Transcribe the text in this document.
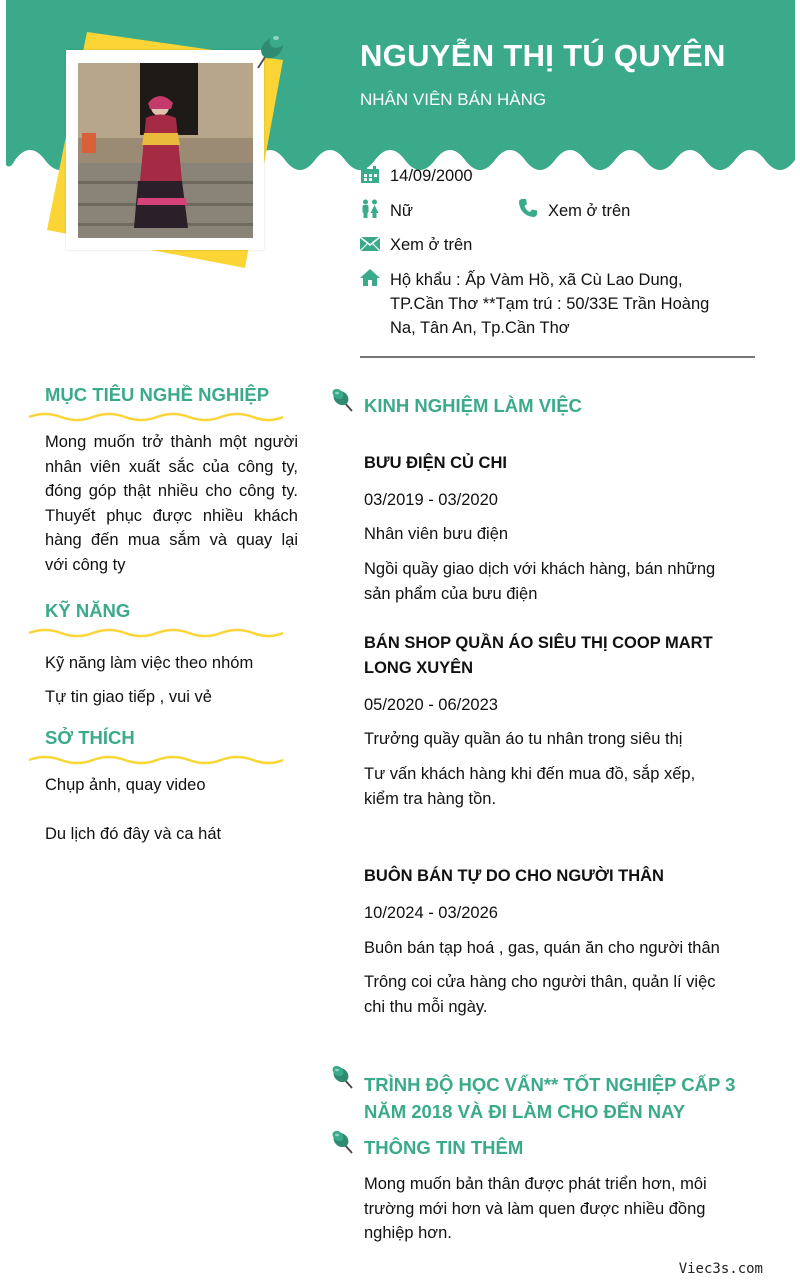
NGUYỄN THỊ TÚ QUYÊN
NHÂN VIÊN BÁN HÀNG
14/09/2000
Nữ	Xem ở trên
Xem ở trên
Hộ khẩu : Ấp Vàm Hồ, xã Cù Lao Dung,
TP.Cần Thơ **Tạm trú : 50/33E Trần Hoàng
Na, Tân An, Tp.Cần Thơ
MỤC TIÊU NGHỀ NGHIỆP
Mong muốn trở thành một người
nhân viên xuất sắc của công ty,
đóng góp thật nhiều cho công ty.
Thuyết phục được nhiều khách
hàng đến mua sắm và quay lại
với công ty
KỸ NĂNG
Kỹ năng làm việc theo nhóm
Tự tin giao tiếp , vui vẻ
SỞ THÍCH
Chụp ảnh, quay video
Du lịch đó đây và ca hát
KINH NGHIỆM LÀM VIỆC
BƯU ĐIỆN CỦ CHI
03/2019 - 03/2020
Nhân viên bưu điện
Ngồi quầy giao dịch với khách hàng, bán những
sản phẩm của bưu điện
BÁN SHOP QUẦN ÁO SIÊU THỊ COOP MART
LONG XUYÊN
05/2020 - 06/2023
Trưởng quầy quần áo tu nhân trong siêu thị
Tư vấn khách hàng khi đến mua đồ, sắp xếp,
kiểm tra hàng tồn.
BUÔN BÁN TỰ DO CHO NGƯỜI THÂN
10/2024 - 03/2026
Buôn bán tạp hoá , gas, quán ăn cho người thân
Trông coi cửa hàng cho người thân, quản lí việc
chi thu mỗi ngày.
TRÌNH ĐỘ HỌC VẤN** TỐT NGHIỆP CẤP 3
NĂM 2018 VÀ ĐI LÀM CHO ĐẾN NAY
THÔNG TIN THÊM
Mong muốn bản thân được phát triển hơn, môi
trường mới hơn và làm quen được nhiều đồng
nghiệp hơn.
Viec3s.com
